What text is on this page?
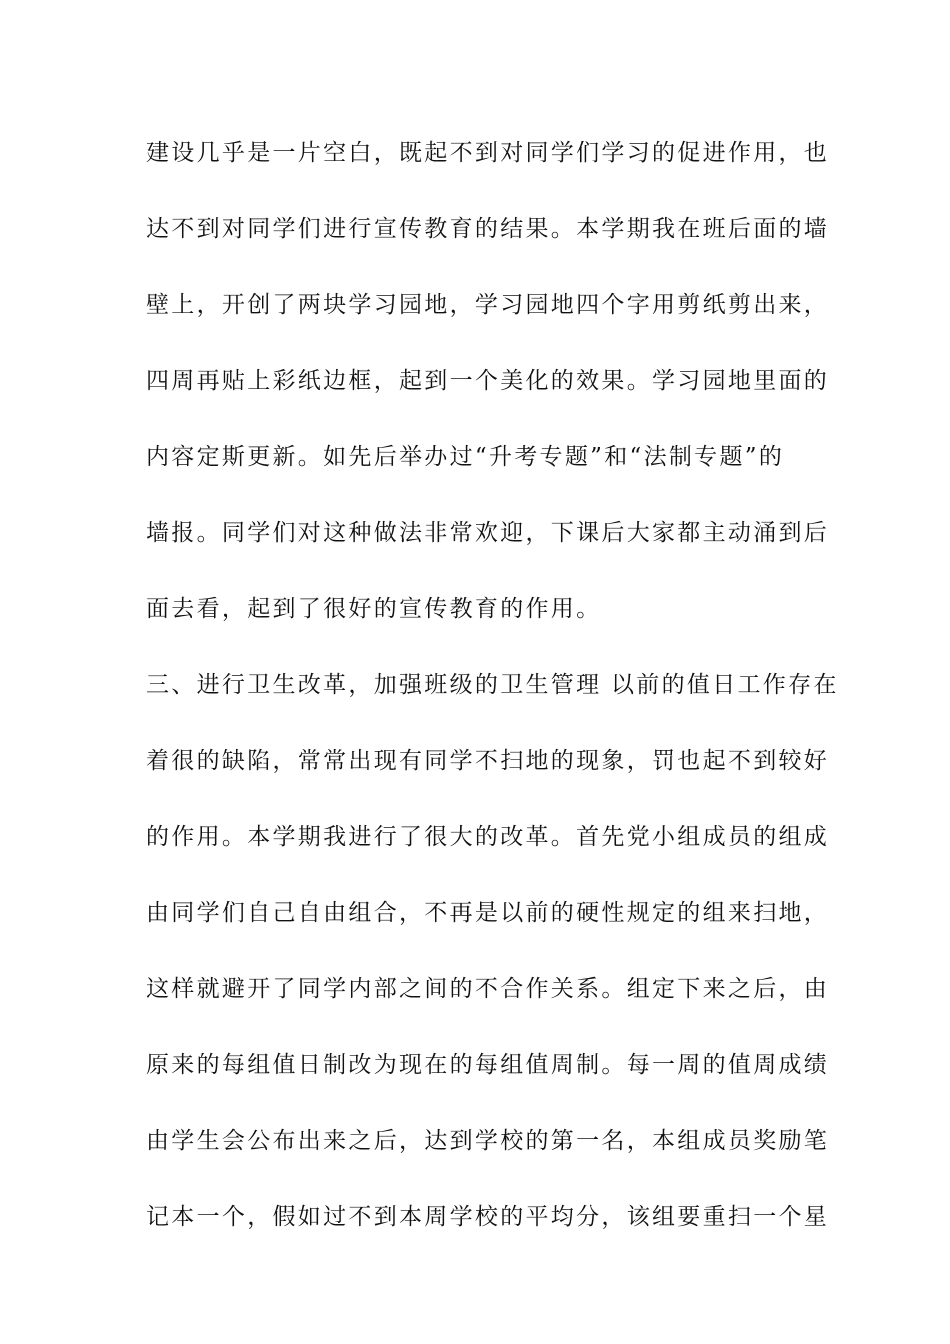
建设几乎是一片空白，既起不到对同学们学习的促进作用，也
达不到对同学们进行宣传教育的结果。本学期我在班后面的墙
壁上，开创了两块学习园地，学习园地四个字用剪纸剪出来，
四周再贴上彩纸边框，起到一个美化的效果。学习园地里面的
内容定斯更新。如先后举办过“升考专题”和“法制专题”的
墙报。同学们对这种做法非常欢迎，下课后大家都主动涌到后
面去看，起到了很好的宣传教育的作用。
三、进行卫生改革，加强班级的卫生管理 以前的值日工作存在
着很的缺陷，常常出现有同学不扫地的现象，罚也起不到较好
的作用。本学期我进行了很大的改革。首先党小组成员的组成
由同学们自己自由组合，不再是以前的硬性规定的组来扫地，
这样就避开了同学内部之间的不合作关系。组定下来之后，由
原来的每组值日制改为现在的每组值周制。每一周的值周成绩
由学生会公布出来之后，达到学校的第一名，本组成员奖励笔
记本一个，假如过不到本周学校的平均分，该组要重扫一个星
